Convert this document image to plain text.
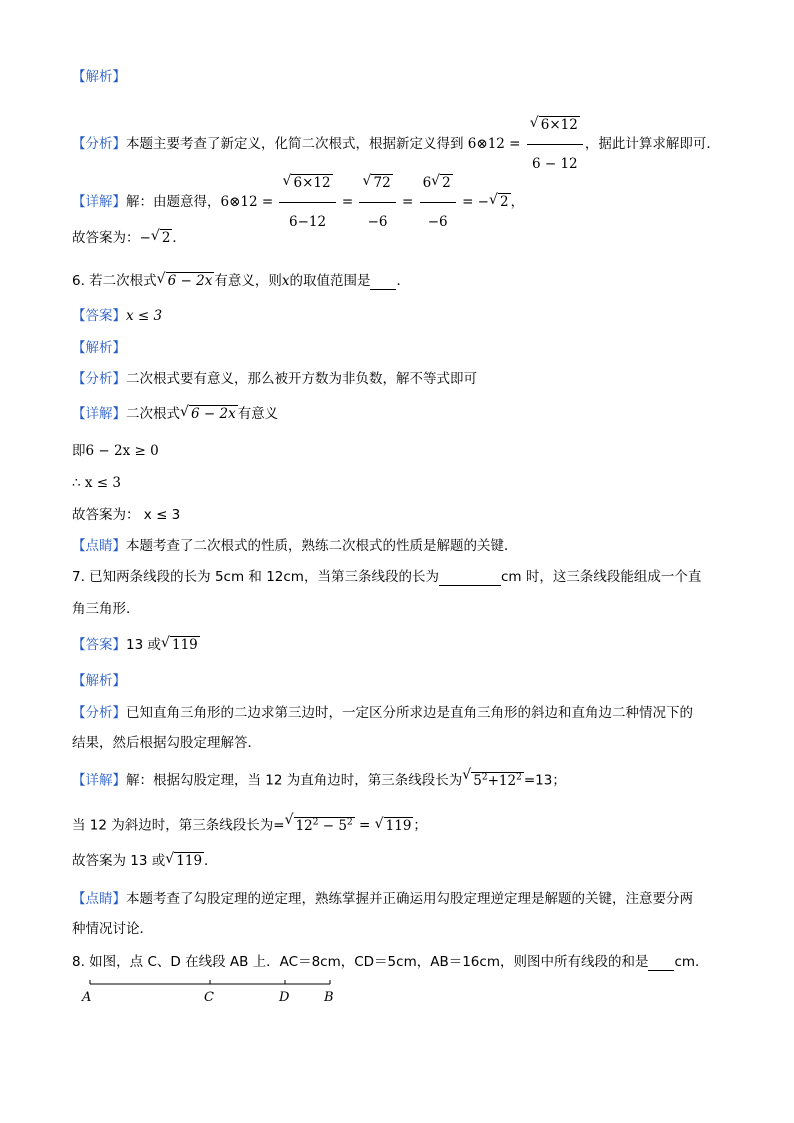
【解析】
【分析】本题主要考查了新定义，化简二次根式，根据新定义得到 6⊗12 = $\frac{√ 6\times 12}{6 - 12}$ ，据此计算求解即可．
【详解】解：由题意得，6⊗12 = $\frac{√ 6\times 12}{6-12} = \frac{√ 72}{-6} = \frac{6 √ 2}{-6}$ = − √ 2 ，
故答案为：− √ 2 ．
6. 若二次根式 √ 6 − 2x 有意义，则x的取值范围是 ．
【答案】x ≤ 3
【解析】
【分析】二次根式要有意义，那么被开方数为非负数，解不等式即可
【详解】二次根式 √ 6 − 2x 有意义
即6 − 2x ≥ 0
∴ x ≤ 3
故答案为： x ≤ 3
【点睛】本题考查了二次根式的性质，熟练二次根式的性质是解题的关键．
7. 已知两条线段的长为 5cm 和 12cm，当第三条线段的长为	cm 时，这三条线段能组成一个直
角三角形.
【答案】13 或 √ 119
【解析】
【分析】已知直角三角形的二边求第三边时，一定区分所求边是直角三角形的斜边和直角边二种情况下的
结果，然后根据勾股定理解答．
【详解】解：根据勾股定理，当 12 为直角边时，第三条线段长为 √ $5^2+12^2 =13$；
当 12 为斜边时，第三条线段长为= √ $12^2 - 5^2$ = √ 119 ；
故答案为 13 或 √ 119 ．
【点睛】本题考查了勾股定理的逆定理，熟练掌握并正确运用勾股定理逆定理是解题的关键，注意要分两
种情况讨论．
8. 如图，点 C、D 在线段 AB 上．AC＝8cm，CD＝5cm，AB＝16cm，则图中所有线段的和是 cm．
A	C	D	B
